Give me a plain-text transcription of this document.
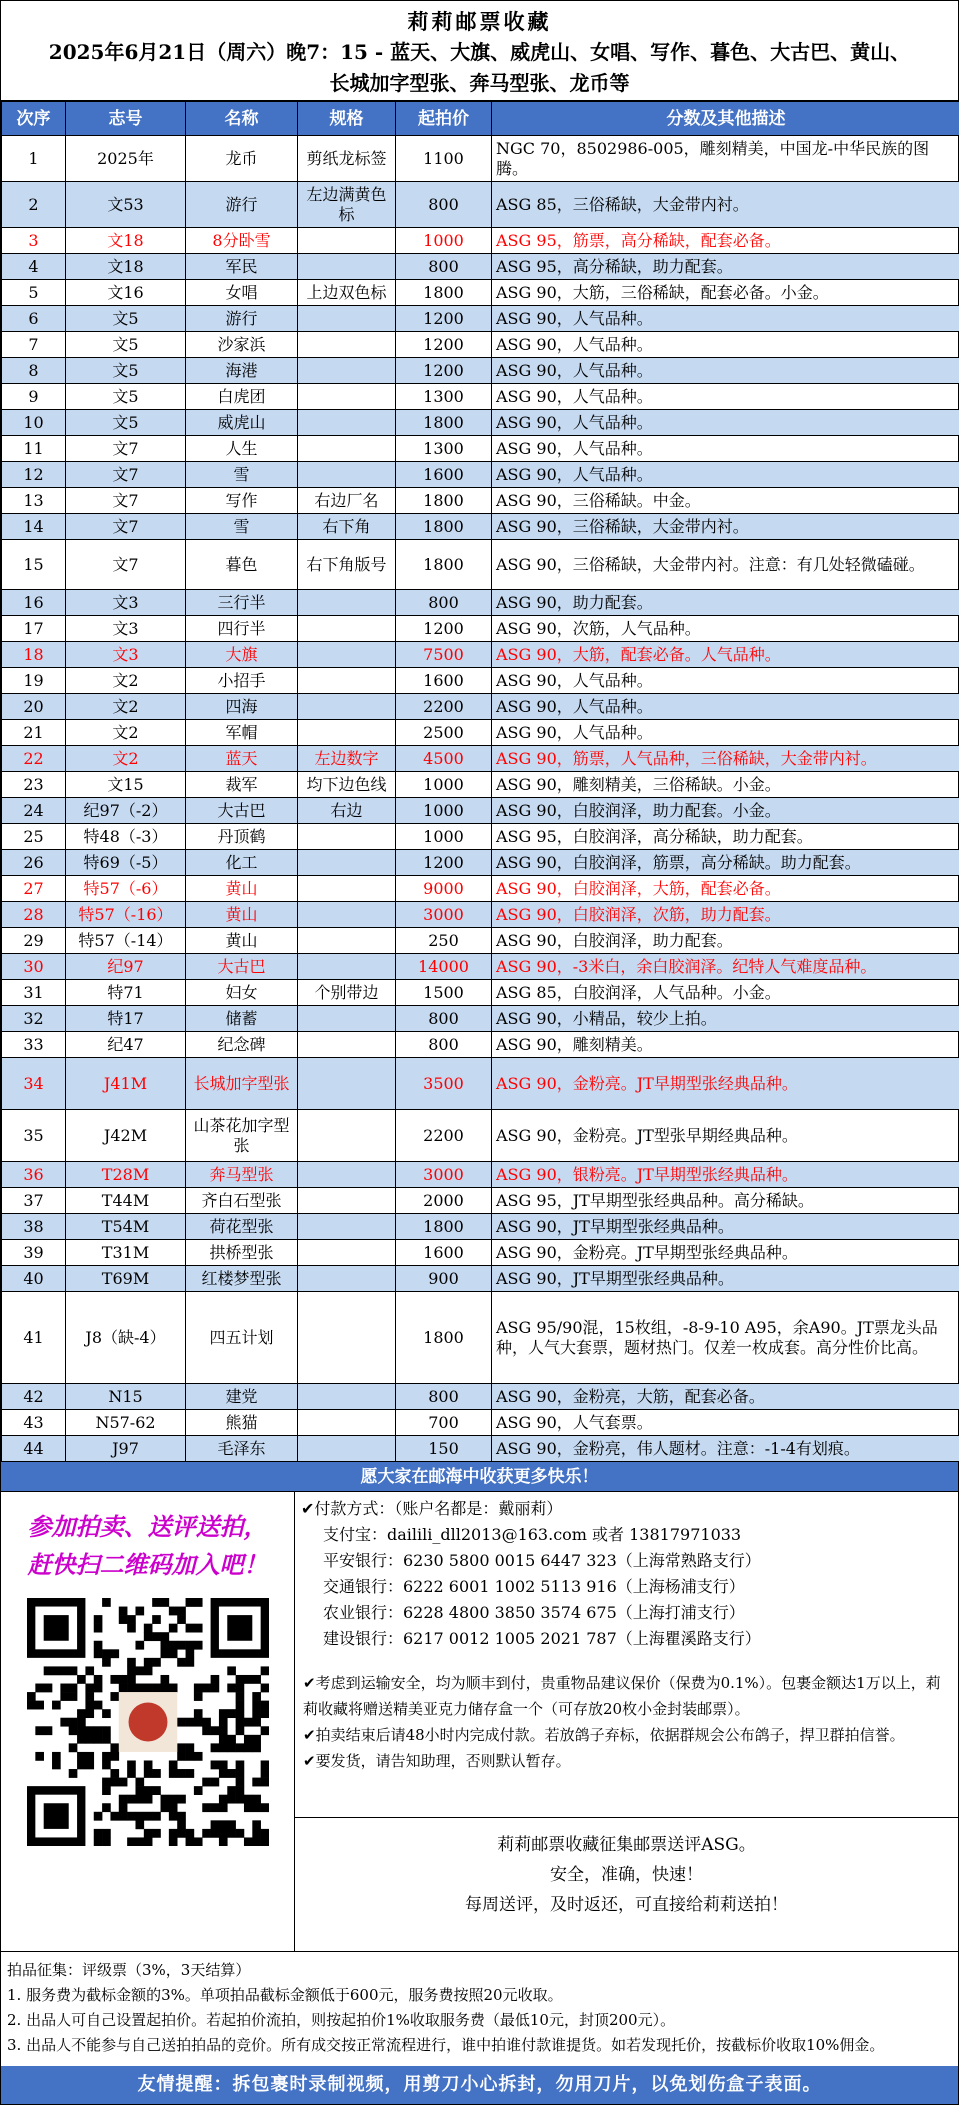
莉莉邮票收藏
2025年6月21日（周六）晚7：15 - 蓝天、大旗、威虎山、女唱、写作、暮色、大古巴、黄山、
长城加字型张、奔马型张、龙币等
次序	志号	名称	规格	起拍价	分数及其他描述
1	2025年	龙币	剪纸龙标签	1100	NGC 70，8502986-005，雕刻精美，中国龙-中华民族的图腾。
2	文53	游行	左边满黄色标	800	ASG 85，三俗稀缺，大金带内衬。
3	文18	8分卧雪		1000	ASG 95，筋票，高分稀缺，配套必备。
4	文18	军民		800	ASG 95，高分稀缺，助力配套。
5	文16	女唱	上边双色标	1800	ASG 90，大筋，三俗稀缺，配套必备。小金。
6	文5	游行		1200	ASG 90，人气品种。
7	文5	沙家浜		1200	ASG 90，人气品种。
8	文5	海港		1200	ASG 90，人气品种。
9	文5	白虎团		1300	ASG 90，人气品种。
10	文5	威虎山		1800	ASG 90，人气品种。
11	文7	人生		1300	ASG 90，人气品种。
12	文7	雪		1600	ASG 90，人气品种。
13	文7	写作	右边厂名	1800	ASG 90，三俗稀缺。中金。
14	文7	雪	右下角	1800	ASG 90，三俗稀缺，大金带内衬。
15	文7	暮色	右下角版号	1800	ASG 90，三俗稀缺，大金带内衬。注意：有几处轻微磕碰。
16	文3	三行半		800	ASG 90，助力配套。
17	文3	四行半		1200	ASG 90，次筋，人气品种。
18	文3	大旗		7500	ASG 90，大筋，配套必备。人气品种。
19	文2	小招手		1600	ASG 90，人气品种。
20	文2	四海		2200	ASG 90，人气品种。
21	文2	军帽		2500	ASG 90，人气品种。
22	文2	蓝天	左边数字	4500	ASG 90，筋票，人气品种，三俗稀缺，大金带内衬。
23	文15	裁军	均下边色线	1000	ASG 90，雕刻精美，三俗稀缺。小金。
24	纪97（-2）	大古巴	右边	1000	ASG 90，白胶润泽，助力配套。小金。
25	特48（-3）	丹顶鹤		1000	ASG 95，白胶润泽，高分稀缺，助力配套。
26	特69（-5）	化工		1200	ASG 90，白胶润泽，筋票，高分稀缺。助力配套。
27	特57（-6）	黄山		9000	ASG 90，白胶润泽，大筋，配套必备。
28	特57（-16）	黄山		3000	ASG 90，白胶润泽，次筋，助力配套。
29	特57（-14）	黄山		250	ASG 90，白胶润泽，助力配套。
30	纪97	大古巴		14000	ASG 90，-3米白，余白胶润泽。纪特人气难度品种。
31	特71	妇女	个别带边	1500	ASG 85，白胶润泽，人气品种。小金。
32	特17	储蓄		800	ASG 90，小精品，较少上拍。
33	纪47	纪念碑		800	ASG 90，雕刻精美。
34	J41M	长城加字型张		3500	ASG 90，金粉亮。JT早期型张经典品种。
35	J42M	山茶花加字型张		2200	ASG 90，金粉亮。JT型张早期经典品种。
36	T28M	奔马型张		3000	ASG 90，银粉亮。JT早期型张经典品种。
37	T44M	齐白石型张		2000	ASG 95，JT早期型张经典品种。高分稀缺。
38	T54M	荷花型张		1800	ASG 90，JT早期型张经典品种。
39	T31M	拱桥型张		1600	ASG 90，金粉亮。JT早期型张经典品种。
40	T69M	红楼梦型张		900	ASG 90，JT早期型张经典品种。
41	J8（缺-4）	四五计划		1800	ASG 95/90混，15枚组，-8-9-10 A95，余A90。JT票龙头品种，人气大套票，题材热门。仅差一枚成套。高分性价比高。
42	N15	建党		800	ASG 90，金粉亮，大筋，配套必备。
43	N57-62	熊猫		700	ASG 90，人气套票。
44	J97	毛泽东		150	ASG 90，金粉亮，伟人题材。注意：-1-4有划痕。
愿大家在邮海中收获更多快乐！
参加拍卖、送评送拍，
赶快扫二维码加入吧！
✔付款方式：（账户名都是：戴丽莉）
支付宝：dailili_dll2013@163.com 或者 13817971033
平安银行：6230 5800 0015 6447 323（上海常熟路支行）
交通银行：6222 6001 1002 5113 916（上海杨浦支行）
农业银行：6228 4800 3850 3574 675（上海打浦支行）
建设银行：6217 0012 1005 2021 787（上海瞿溪路支行）

✔考虑到运输安全，均为顺丰到付，贵重物品建议保价（保费为0.1%）。包裹金额达1万以上，莉莉收藏将赠送精美亚克力储存盒一个（可存放20枚小金封装邮票）。

✔拍卖结束后请48小时内完成付款。若放鸽子弃标，依据群规会公布鸽子，捍卫群拍信誉。

✔要发货，请告知助理，否则默认暂存。

莉莉邮票收藏征集邮票送评ASG。
安全，准确，快速！
每周送评，及时返还，可直接给莉莉送拍！
拍品征集：评级票（3%，3天结算）
1. 服务费为截标金额的3%。单项拍品截标金额低于600元，服务费按照20元收取。
2. 出品人可自己设置起拍价。若起拍价流拍，则按起拍价1%收取服务费（最低10元，封顶200元）。
3. 出品人不能参与自己送拍拍品的竞价。所有成交按正常流程进行，谁中拍谁付款谁提货。如若发现托价，按截标价收取10%佣金。
友情提醒：拆包裹时录制视频，用剪刀小心拆封，勿用刀片，以免划伤盒子表面。
